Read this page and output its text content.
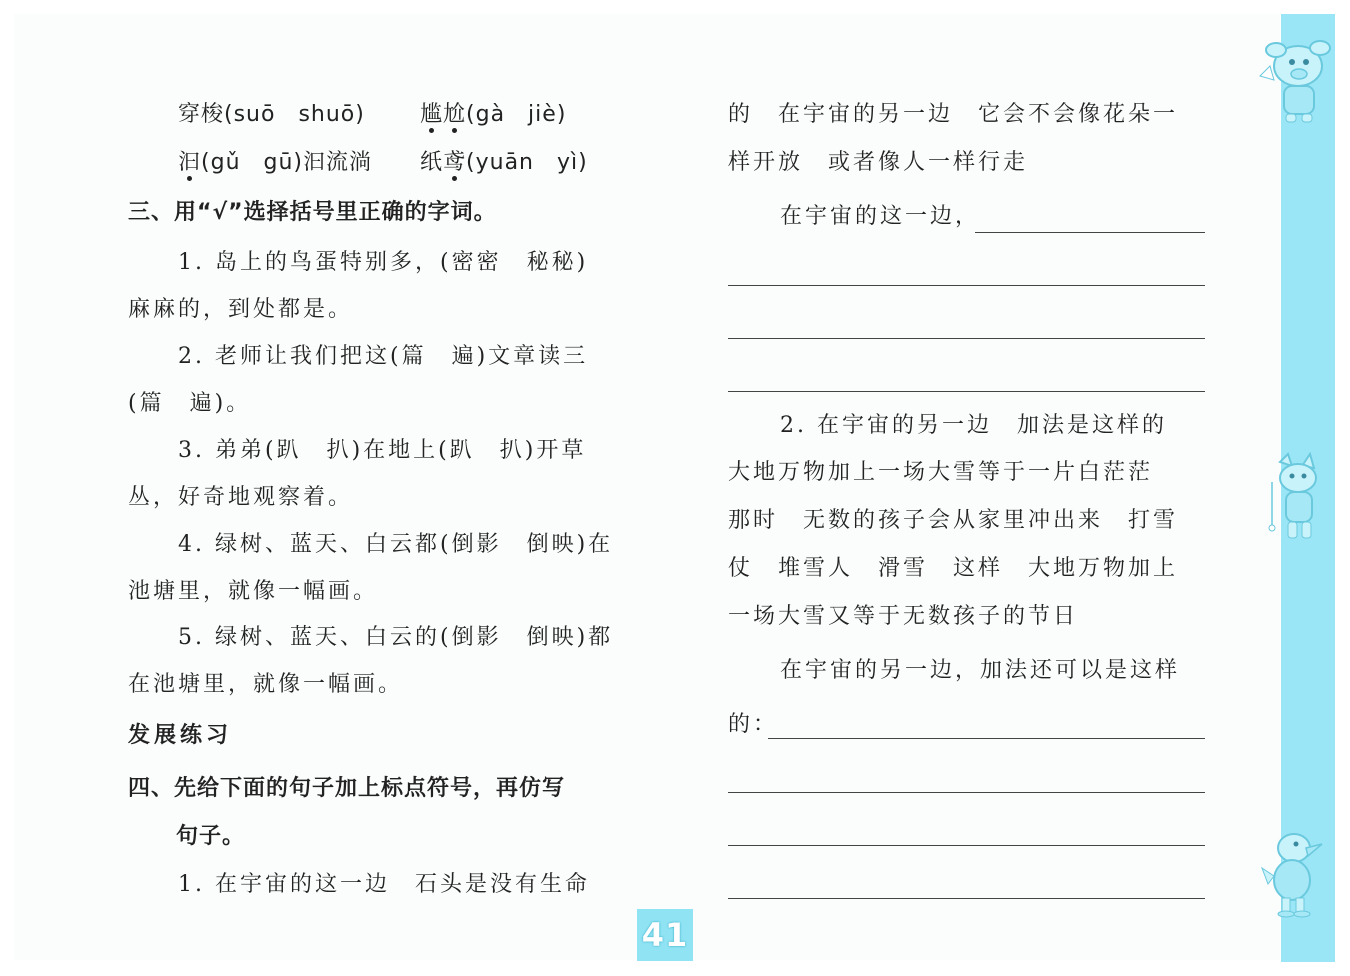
穿梭(suō　shuō)	尴尬(gà　jiè)
汩(gǔ　gū)汩流淌 纸鸢(yuān　yì)
三、用“√”选择括号里正确的字词。
1. 岛上的鸟蛋特别多，(密密　秘秘)
麻麻的，到处都是。
2. 老师让我们把这(篇　遍)文章读三
(篇　遍)。
3. 弟弟(趴　扒)在地上(趴　扒)开草
丛，好奇地观察着。
4. 绿树、蓝天、白云都(倒影　倒映)在
池塘里，就像一幅画。
5. 绿树、蓝天、白云的(倒影　倒映)都
在池塘里，就像一幅画。
发展练习
四、先给下面的句子加上标点符号，再仿写
句子。
1. 在宇宙的这一边　石头是没有生命
的　在宇宙的另一边　它会不会像花朵一
样开放　或者像人一样行走
在宇宙的这一边，
2. 在宇宙的另一边　加法是这样的
大地万物加上一场大雪等于一片白茫茫
那时　无数的孩子会从家里冲出来　打雪
仗　堆雪人　滑雪　这样　大地万物加上
一场大雪又等于无数孩子的节日
在宇宙的另一边，加法还可以是这样
的：
41
